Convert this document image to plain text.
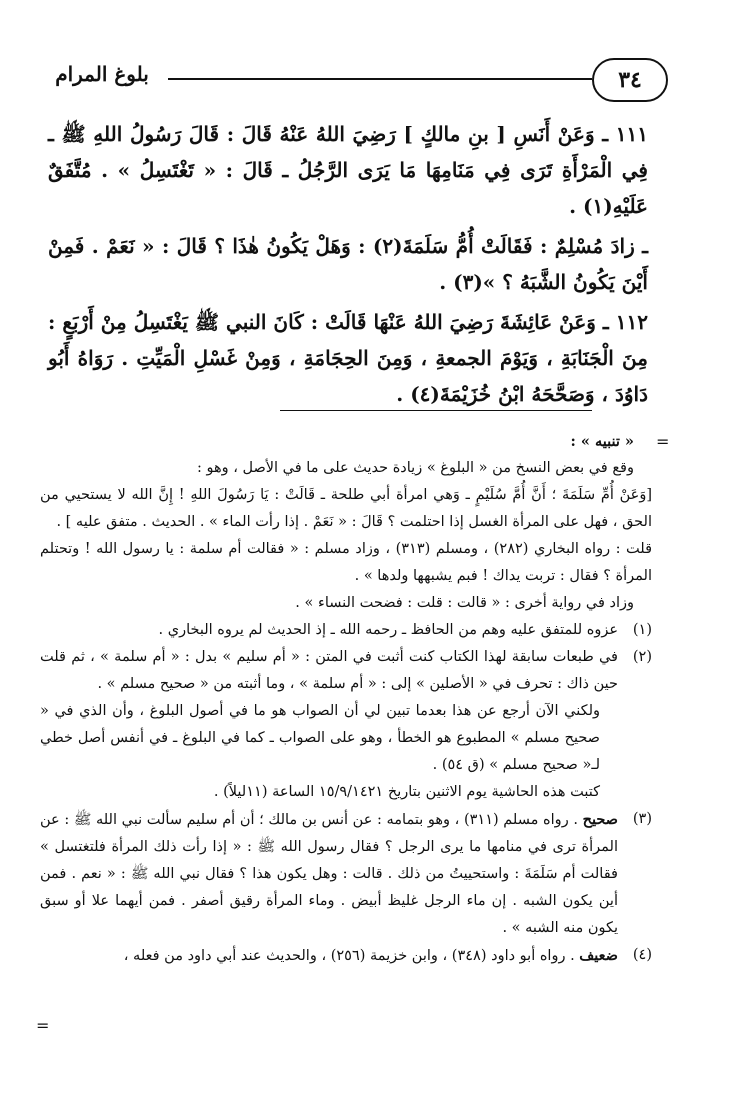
٣٤
بلوغ المرام

١١١ ـ وَعَنْ أَنَسِ [ بنِ مالكٍ ] رَضِيَ اللهُ عَنْهُ قَالَ : قَالَ رَسُولُ اللهِ ﷺ ـ فِي الْمَرْأَةِ تَرَى فِي مَنَامِهَا مَا يَرَى الرَّجُلُ ـ قَالَ : « تَغْتَسِلُ » . مُتَّفَقٌ عَلَيْهِ(١) .

ـ زادَ مُسْلِمٌ : فَقَالَتْ أُمُّ سَلَمَةَ(٢) : وَهَلْ يَكُونُ هٰذَا ؟ قَالَ : « نَعَمْ . فَمِنْ أَيْنَ يَكُونُ الشَّبَهُ ؟ »(٣) .

١١٢ ـ وَعَنْ عَائِشَةَ رَضِيَ اللهُ عَنْهَا قَالَتْ : كَانَ النبي ﷺ يَغْتَسِلُ مِنْ أَرْبَعٍ : مِنَ الْجَنَابَةِ ، وَيَوْمَ الجمعةِ ، وَمِنَ الحِجَامَةِ ، وَمِنْ غَسْلِ الْمَيِّتِ . رَوَاهُ أَبُو دَاوُدَ ، وَصَحَّحَهُ ابْنُ خُزَيْمَةَ(٤) .

=

« تنبيه » :

وقع في بعض النسخ من « البلوغ » زيادة حديث على ما في الأصل ، وهو :

[وَعَنْ أُمِّ سَلَمَةَ ؛ أَنَّ أُمَّ سُلَيْمٍ ـ وَهي امرأة أبي طلحة ـ قَالَتْ : يَا رَسُولَ اللهِ ! إِنَّ الله لا يستحيي من الحق ، فهل على المرأة الغسل إذا احتلمت ؟ قَالَ : « نَعَمْ . إذا رأت الماء » . الحديث . متفق عليه ] .

قلت : رواه البخاري (٢٨٢) ، ومسلم (٣١٣) ، وزاد مسلم : « فقالت أم سلمة : يا رسول الله ! وتحتلم المرأة ؟ فقال : تربت يداك ! فبم يشبهها ولدها » .

وزاد في رواية أخرى : « قالت : قلت : فضحت النساء » .

(١)

عزوه للمتفق عليه وهم من الحافظ ـ رحمه الله ـ إذ الحديث لم يروه البخاري .

(٢)

في طبعات سابقة لهذا الكتاب كنت أثبت في المتن : « أم سليم » بدل : « أم سلمة » ، ثم قلت حين ذاك : تحرف في « الأصلين » إلى : « أم سلمة » ، وما أثبته من « صحيح مسلم » .

ولكني الآن أرجع عن هذا بعدما تبين لي أن الصواب هو ما في أصول البلوغ ، وأن الذي في « صحيح مسلم » المطبوع هو الخطأ ، وهو على الصواب ـ كما في البلوغ ـ في أنفس أصل خطي لـ« صحيح مسلم » (ق ٥٤) .

كتبت هذه الحاشية يوم الاثنين بتاريخ ١٥/٩/١٤٢١ الساعة (١١ليلاً) .

(٣)

صحيح . رواه مسلم (٣١١) ، وهو بتمامه : عن أنس بن مالك ؛ أن أم سليم سألت نبي الله ﷺ : عن المرأة ترى في منامها ما يرى الرجل ؟ فقال رسول الله ﷺ : « إذا رأت ذلك المرأة فلتغتسل » فقالت أم سَلَمَةَ : واستحييتُ من ذلك . قالت : وهل يكون هذا ؟ فقال نبي الله ﷺ : « نعم . فمن أين يكون الشبه . إن ماء الرجل غليظ أبيض . وماء المرأة رقيق أصفر . فمن أيهما علا أو سبق يكون منه الشبه » .

(٤)

ضعيف . رواه أبو داود (٣٤٨) ، وابن خزيمة (٢٥٦) ، والحديث عند أبي داود من فعله ،

=
